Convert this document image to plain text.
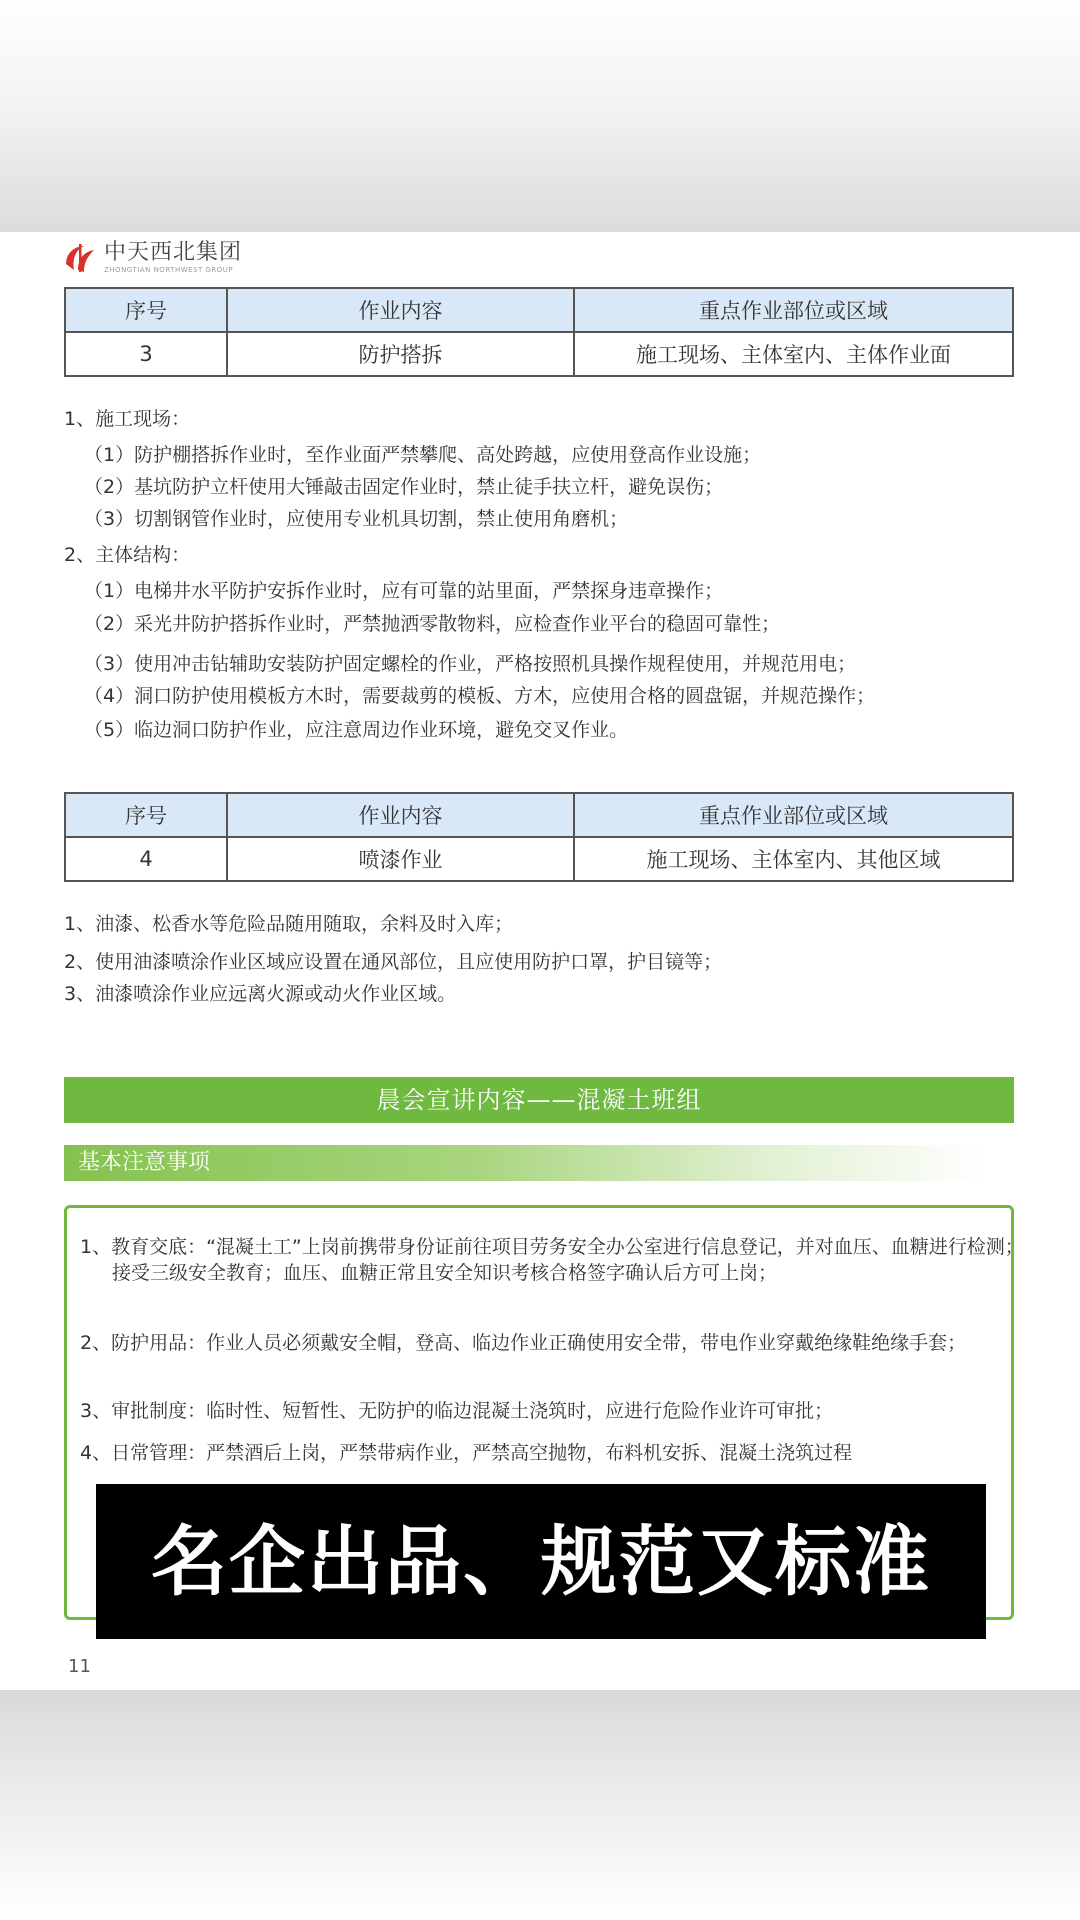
中天西北集团
ZHONGTIAN NORTHWEST GROUP
序号	作业内容	重点作业部位或区域
3	防护搭拆	施工现场、主体室内、主体作业面
1、施工现场：
（1）防护棚搭拆作业时，至作业面严禁攀爬、高处跨越，应使用登高作业设施；
（2）基坑防护立杆使用大锤敲击固定作业时，禁止徒手扶立杆，避免误伤；
（3）切割钢管作业时，应使用专业机具切割，禁止使用角磨机；
2、主体结构：
（1）电梯井水平防护安拆作业时，应有可靠的站里面，严禁探身违章操作；
（2）采光井防护搭拆作业时，严禁抛洒零散物料，应检查作业平台的稳固可靠性；
（3）使用冲击钻辅助安装防护固定螺栓的作业，严格按照机具操作规程使用，并规范用电；
（4）洞口防护使用模板方木时，需要裁剪的模板、方木，应使用合格的圆盘锯，并规范操作；
（5）临边洞口防护作业，应注意周边作业环境，避免交叉作业。
序号	作业内容	重点作业部位或区域
4	喷漆作业	施工现场、主体室内、其他区域
1、油漆、松香水等危险品随用随取，余料及时入库；
2、使用油漆喷涂作业区域应设置在通风部位，且应使用防护口罩，护目镜等；
3、油漆喷涂作业应远离火源或动火作业区域。
晨会宣讲内容——混凝土班组
基本注意事项
1、教育交底：“混凝土工”上岗前携带身份证前往项目劳务安全办公室进行信息登记，并对血压、血糖进行检测；接受三级安全教育；血压、血糖正常且安全知识考核合格签字确认后方可上岗；
2、防护用品：作业人员必须戴安全帽，登高、临边作业正确使用安全带，带电作业穿戴绝缘鞋绝缘手套；
3、审批制度：临时性、短暂性、无防护的临边混凝土浇筑时，应进行危险作业许可审批；
4、日常管理：严禁酒后上岗，严禁带病作业，严禁高空抛物，布料机安拆、混凝土浇筑过程
11
名企出品、规范又标准
